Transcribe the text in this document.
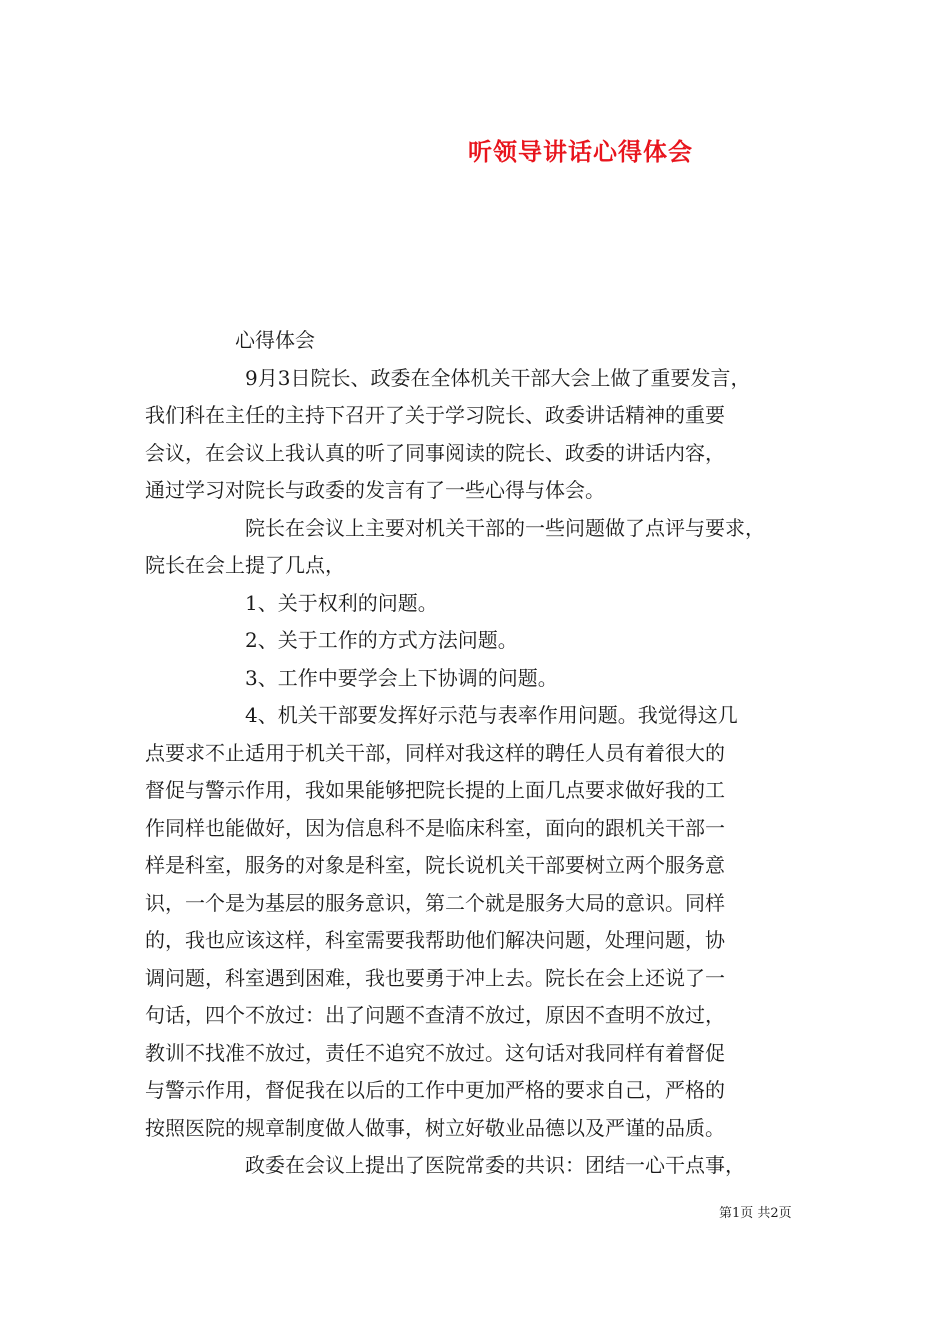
听领导讲话心得体会
心得体会
9月3日院长、政委在全体机关干部大会上做了重要发言，
我们科在主任的主持下召开了关于学习院长、政委讲话精神的重要
会议，在会议上我认真的听了同事阅读的院长、政委的讲话内容，
通过学习对院长与政委的发言有了一些心得与体会。
院长在会议上主要对机关干部的一些问题做了点评与要求，
院长在会上提了几点，
1、关于权利的问题。
2、关于工作的方式方法问题。
3、工作中要学会上下协调的问题。
4、机关干部要发挥好示范与表率作用问题。我觉得这几
点要求不止适用于机关干部，同样对我这样的聘任人员有着很大的
督促与警示作用，我如果能够把院长提的上面几点要求做好我的工
作同样也能做好，因为信息科不是临床科室，面向的跟机关干部一
样是科室，服务的对象是科室，院长说机关干部要树立两个服务意
识，一个是为基层的服务意识，第二个就是服务大局的意识。同样
的，我也应该这样，科室需要我帮助他们解决问题，处理问题，协
调问题，科室遇到困难，我也要勇于冲上去。院长在会上还说了一
句话，四个不放过：出了问题不查清不放过，原因不查明不放过，
教训不找准不放过，责任不追究不放过。这句话对我同样有着督促
与警示作用，督促我在以后的工作中更加严格的要求自己，严格的
按照医院的规章制度做人做事，树立好敬业品德以及严谨的品质。
政委在会议上提出了医院常委的共识：团结一心干点事，
第1页 共2页
